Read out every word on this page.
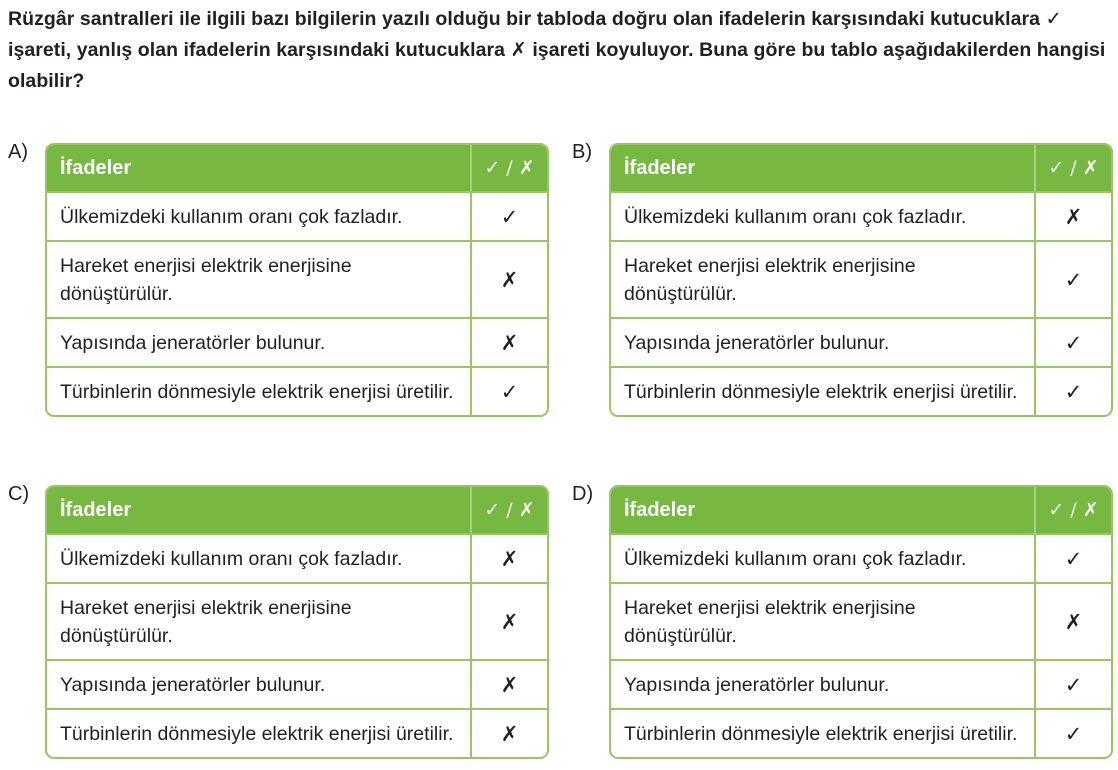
Rüzgâr santralleri ile ilgili bazı bilgilerin yazılı olduğu bir tabloda doğru olan ifadelerin karşısındaki kutucuklara ✓ işareti, yanlış olan ifadelerin karşısındaki kutucuklara ✗ işareti koyuluyor. Buna göre bu tablo aşağıdakilerden hangisi olabilir?
A)
İfadeler	✓ / ✗
Ülkemizdeki kullanım oranı çok fazladır.	✓
Hareket enerjisi elektrik enerjisine
dönüştürülür.
✗
Yapısında jeneratörler bulunur.	✗
Türbinlerin dönmesiyle elektrik enerjisi üretilir.	✓
B)
İfadeler	✓ / ✗
Ülkemizdeki kullanım oranı çok fazladır.	✗
Hareket enerjisi elektrik enerjisine
dönüştürülür.
✓
Yapısında jeneratörler bulunur.	✓
Türbinlerin dönmesiyle elektrik enerjisi üretilir.	✓
C)
İfadeler	✓ / ✗
Ülkemizdeki kullanım oranı çok fazladır.	✗
Hareket enerjisi elektrik enerjisine
dönüştürülür.
✗
Yapısında jeneratörler bulunur.	✗
Türbinlerin dönmesiyle elektrik enerjisi üretilir.	✗
D)
İfadeler	✓ / ✗
Ülkemizdeki kullanım oranı çok fazladır.	✓
Hareket enerjisi elektrik enerjisine
dönüştürülür.
✗
Yapısında jeneratörler bulunur.	✓
Türbinlerin dönmesiyle elektrik enerjisi üretilir.	✓
